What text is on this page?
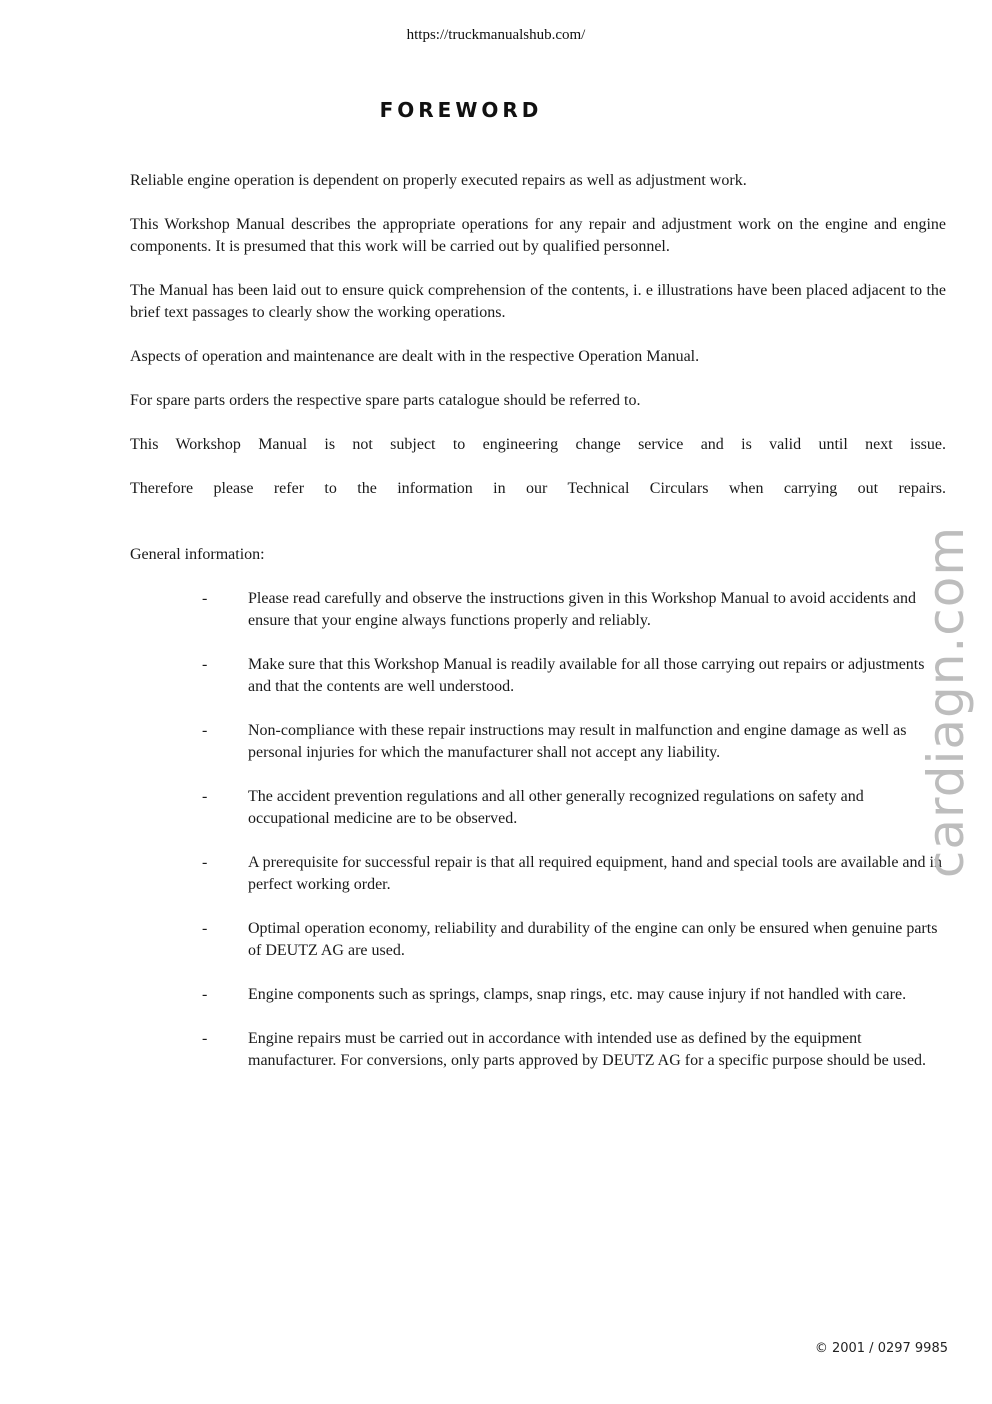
https://truckmanualshub.com/
FOREWORD

Reliable engine operation is dependent on properly executed repairs as well as adjustment work.

This Workshop Manual describes the appropriate operations for any repair and adjustment work on the engine and engine components. It is presumed that this work will be carried out by qualified personnel.

The Manual has been laid out to ensure quick comprehension of the contents, i. e illustrations have been placed adjacent to the brief text passages to clearly show the working operations.

Aspects of operation and maintenance are dealt with in the respective Operation Manual.

For spare parts orders the respective spare parts catalogue should be referred to.

This Workshop Manual is not subject to engineering change service and is valid until next issue.

Therefore please refer to the information in our Technical Circulars when carrying out repairs.

General information:

-	Please read carefully and observe the instructions given in this Workshop Manual to avoid accidents and ensure that your engine always functions properly and reliably.
-	Make sure that this Workshop Manual is readily available for all those carrying out repairs or adjustments and that the contents are well understood.
-	Non-compliance with these repair instructions may result in malfunction and engine damage as well as personal injuries for which the manufacturer shall not accept any liability.
-	The accident prevention regulations and all other generally recognized regulations on safety and occupational medicine are to be observed.
-	A prerequisite for successful repair is that all required equipment, hand and special tools are available and in perfect working order.
-	Optimal operation economy, reliability and durability of the engine can only be ensured when genuine parts of DEUTZ AG are used.
-	Engine components such as springs, clamps, snap rings, etc. may cause injury if not handled with care.
-	Engine repairs must be carried out in accordance with intended use as defined by the equipment manufacturer. For conversions, only parts approved by DEUTZ AG for a specific purpose should be used.
cardiagn.com
© 2001 / 0297 9985
